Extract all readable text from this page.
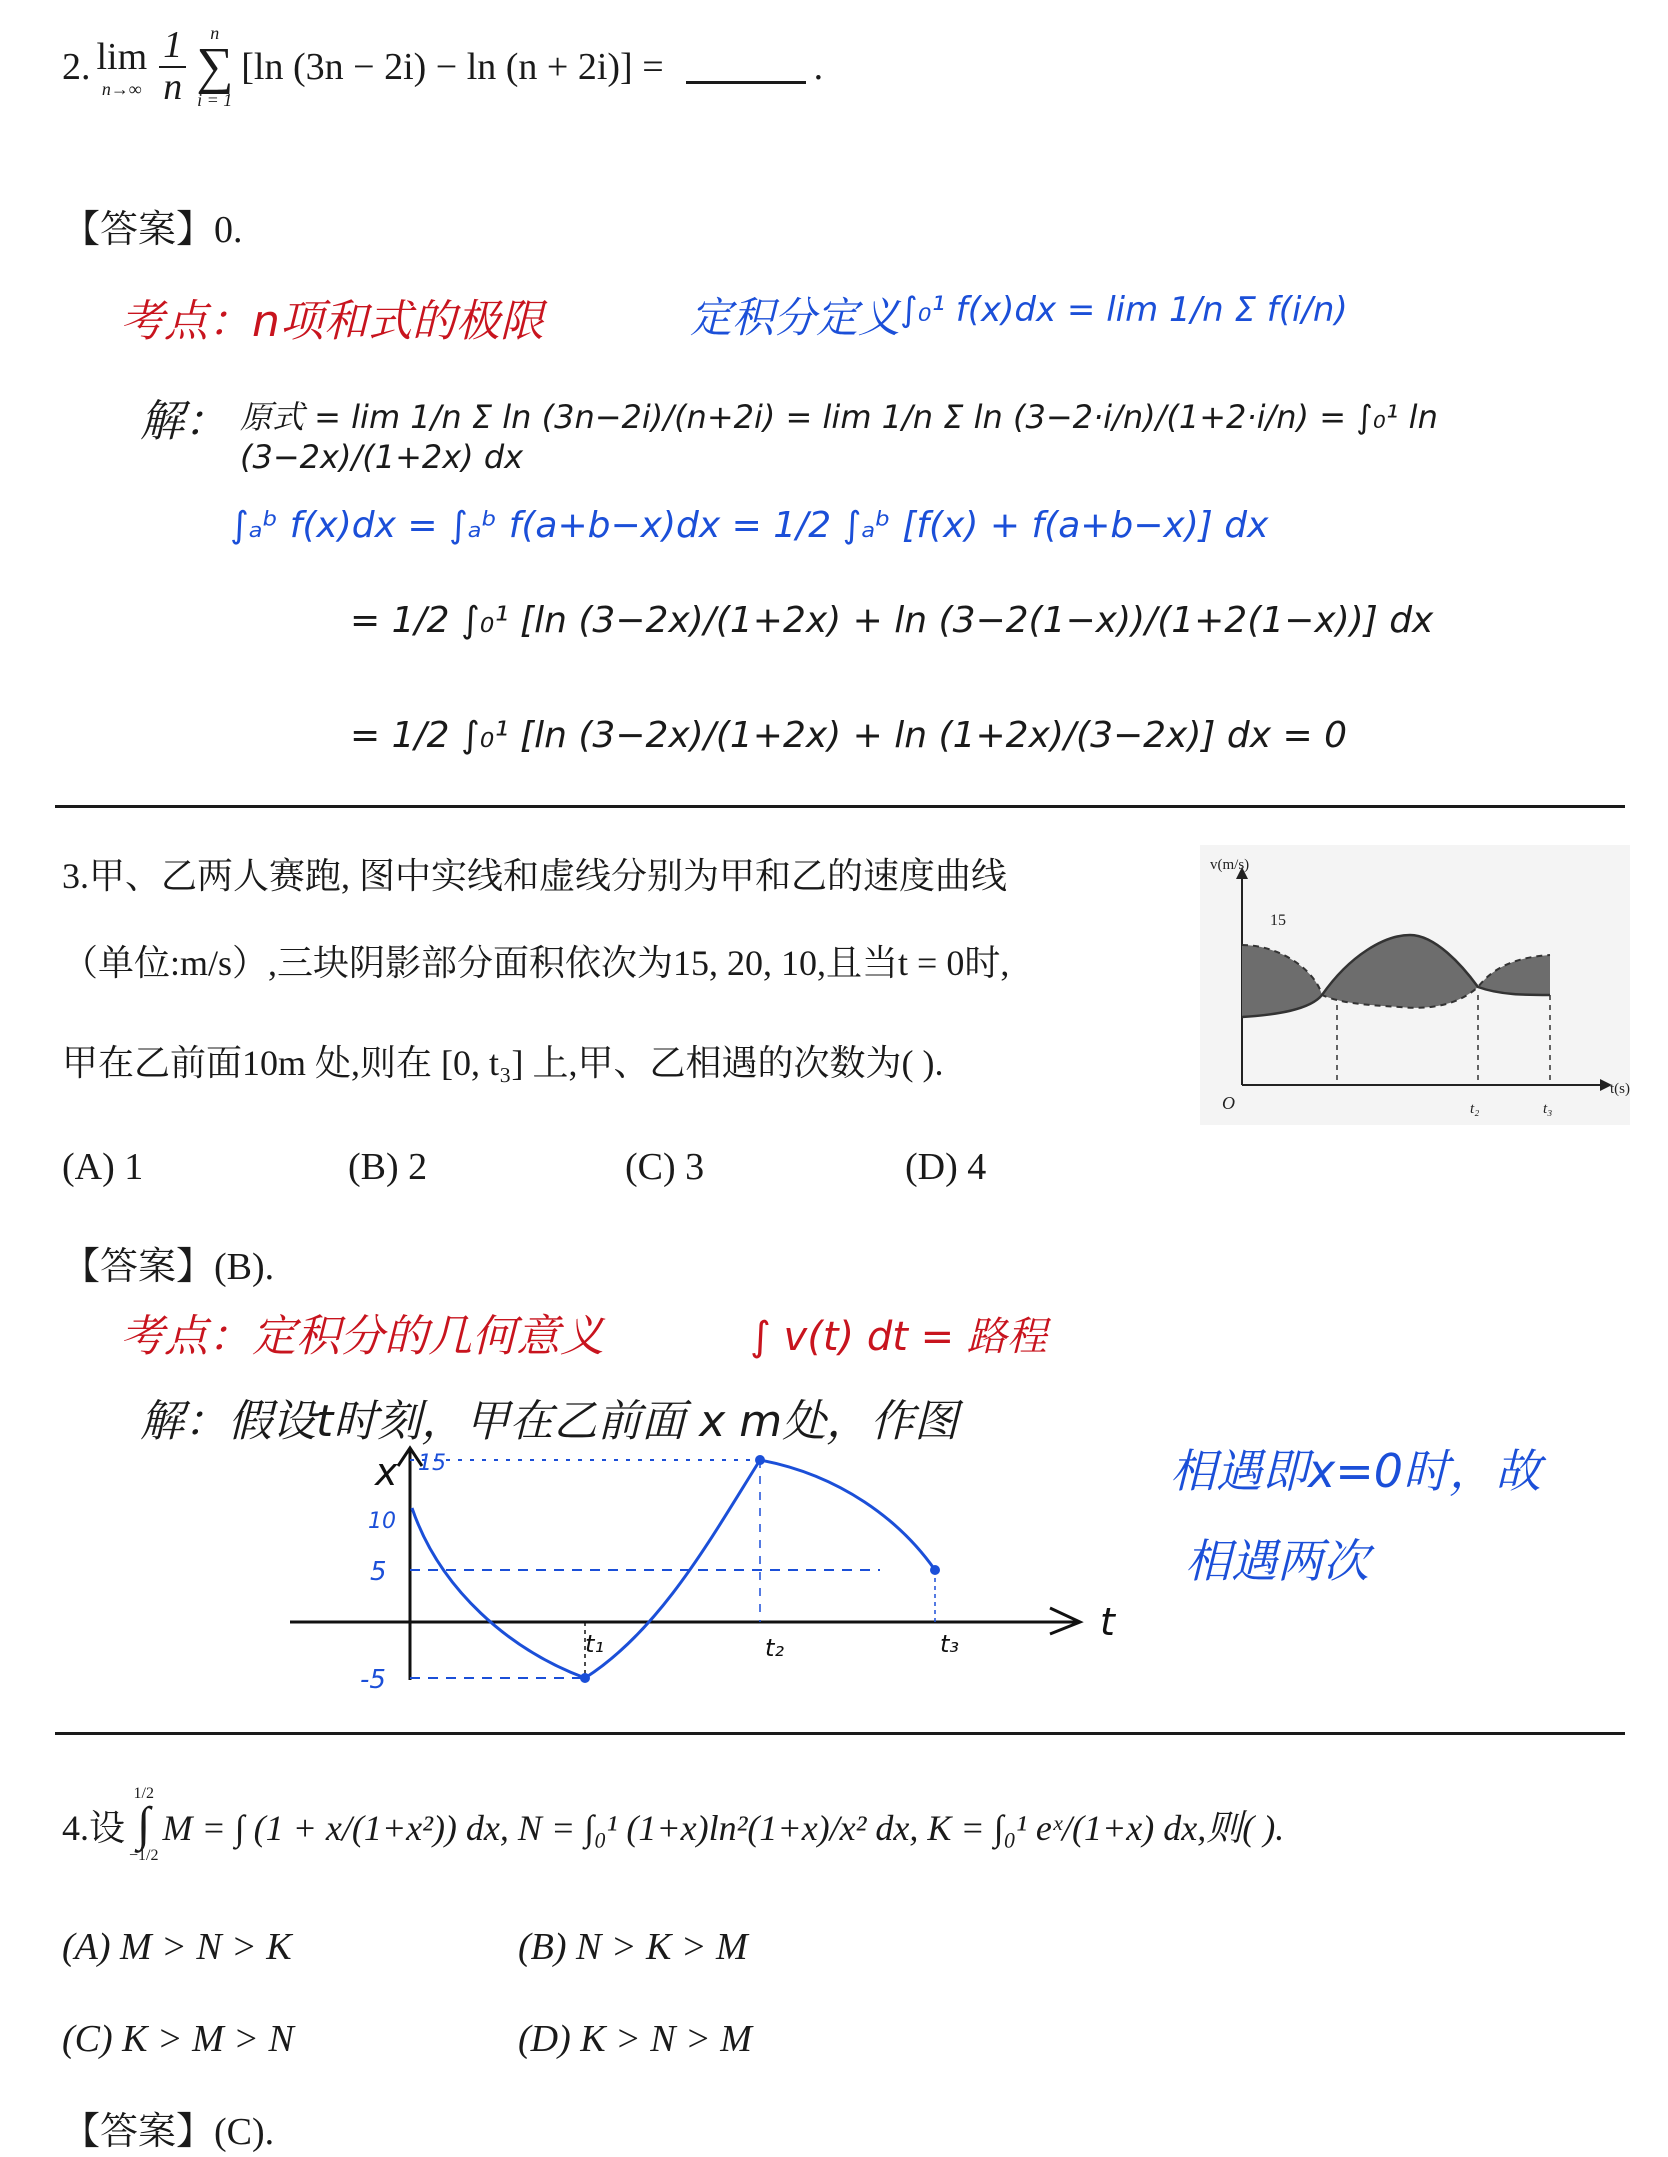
2. lim
$n\to\infty \frac{1}{n}$ n
∑
i = 1
[ln (3n − 2i) − ln (n + 2i)] =	.
【答案】0.
考点：n项和式的极限	定积分定义 ∫₀¹ f(x)dx = lim 1/n Σ f(i/n)
解： 原式 = lim 1/n Σ ln (3n−2i)/(n+2i) = lim 1/n Σ ln (3−2·i/n)/(1+2·i/n) = ∫₀¹ ln (3−2x)/(1+2x) dx
∫ₐᵇ f(x)dx = ∫ₐᵇ f(a+b−x)dx = 1/2 ∫ₐᵇ [f(x) + f(a+b−x)] dx
= 1/2 ∫₀¹ [ln (3−2x)/(1+2x) + ln (3−2(1−x))/(1+2(1−x))] dx
= 1/2 ∫₀¹ [ln (3−2x)/(1+2x) + ln (1+2x)/(3−2x)] dx = 0
3.甲、乙两人赛跑, 图中实线和虚线分别为甲和乙的速度曲线
（单位:m/s）,三块阴影部分面积依次为15, 20, 10,且当t = 0时,
甲在乙前面10m 处,则在 [0, t₃] 上,甲、乙相遇的次数为( ).
(A) 1	(B) 2	(C) 3	(D) 4
v(m/s)
15
t(s)
O	t₂	t₃
【答案】(B).
考点：定积分的几何意义	∫ v(t) dt = 路程
解：假设t时刻，甲在乙前面 x m处，作图
相遇即x=0时，故
相遇两次
x 15
10
5
-5
t
t₁	t₂	t₃
4.设
1/2
∫
−1/2
M = ∫ (1 + x/(1+x²)) dx, N = ∫₀¹ (1+x)ln²(1+x)/x² dx, K = ∫₀¹ eˣ/(1+x) dx,则( ).
(A) M > N > K	(B) N > K > M
(C) K > M > N	(D) K > N > M
【答案】(C).
